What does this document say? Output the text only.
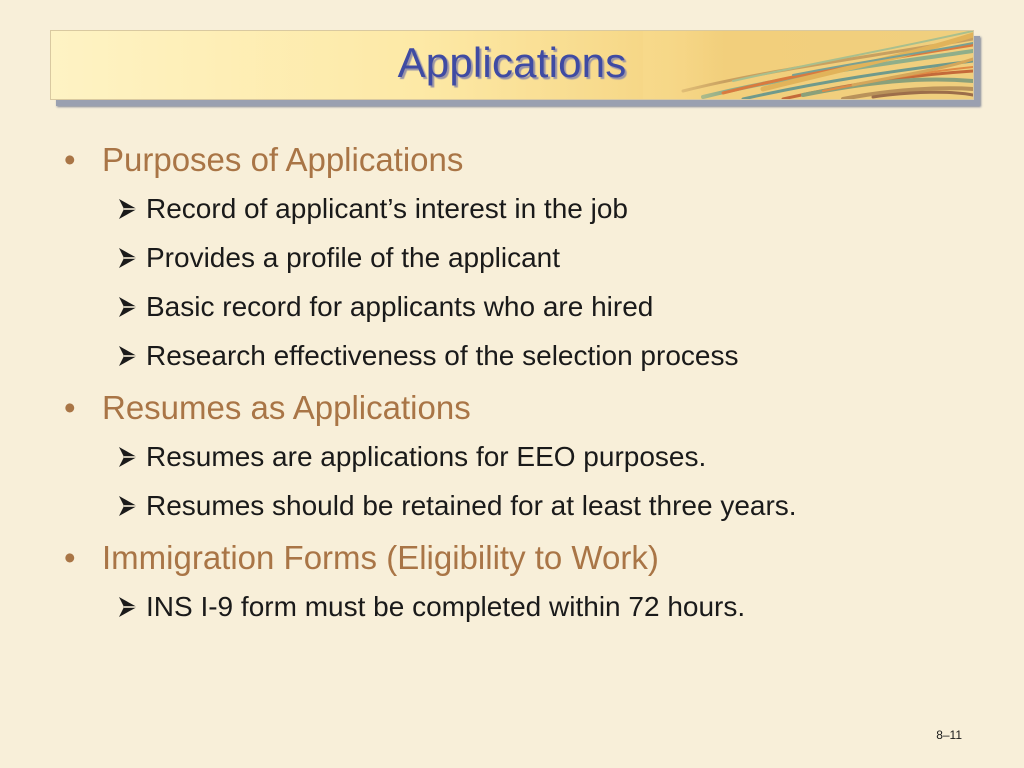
Applications
• Purposes of Applications
Record of applicant’s interest in the job
Provides a profile of the applicant
Basic record for applicants who are hired
Research effectiveness of the selection process
• Resumes as Applications
Resumes are applications for EEO purposes.
Resumes should be retained for at least three years.
• Immigration Forms (Eligibility to Work)
INS I-9 form must be completed within 72 hours.
8–11
